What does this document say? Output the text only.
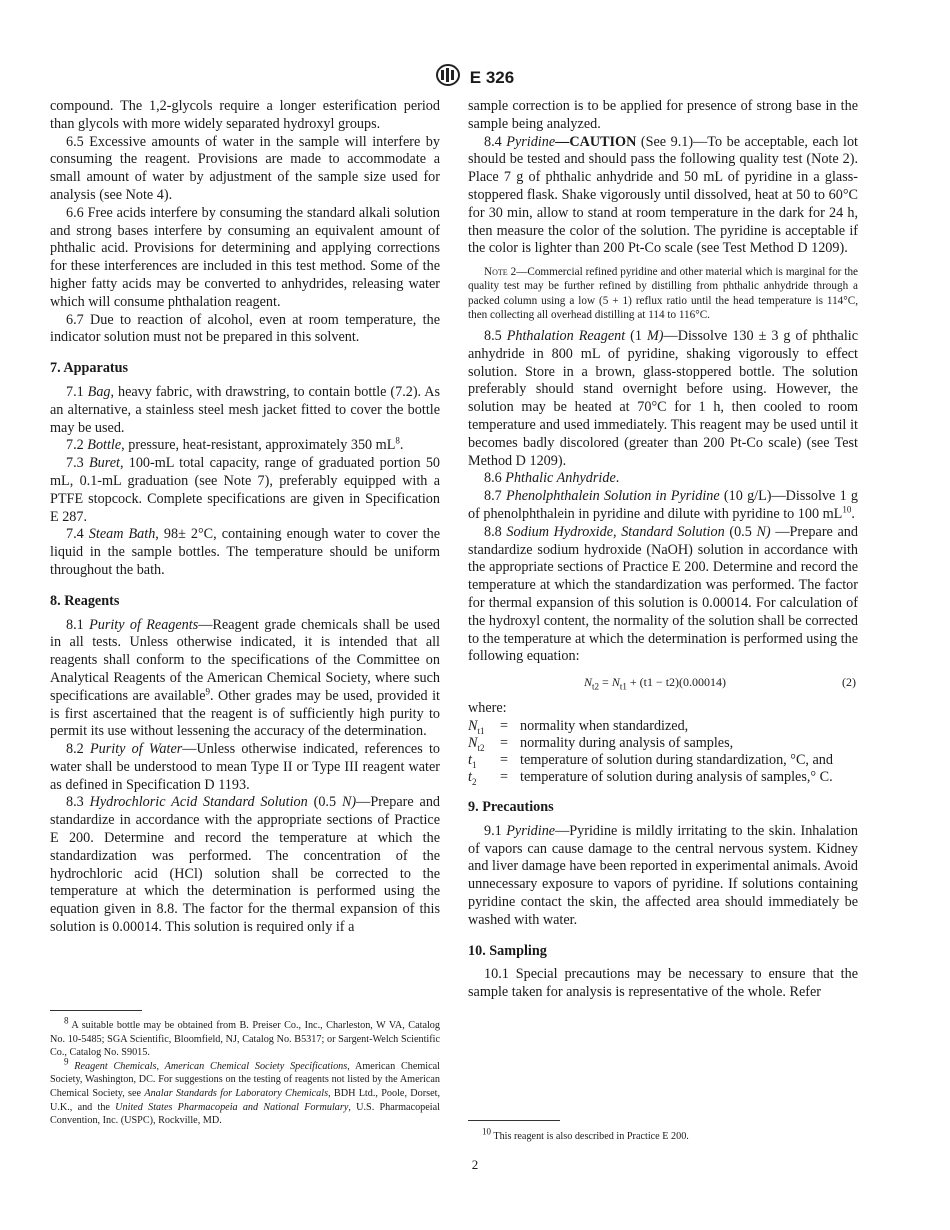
E 326

compound. The 1,2-glycols require a longer esterification period than glycols with more widely separated hydroxyl groups.

6.5 Excessive amounts of water in the sample will interfere by consuming the reagent. Provisions are made to accommodate a small amount of water by adjustment of the sample size used for analysis (see Note 4).

6.6 Free acids interfere by consuming the standard alkali solution and strong bases interfere by consuming an equivalent amount of phthalic acid. Provisions for determining and applying corrections for these interferences are included in this test method. Some of the higher fatty acids may be converted to anhydrides, releasing water which will consume phthalation reagent.

6.7 Due to reaction of alcohol, even at room temperature, the indicator solution must not be prepared in this solvent.

7. Apparatus

7.1 Bag, heavy fabric, with drawstring, to contain bottle (7.2). As an alternative, a stainless steel mesh jacket fitted to cover the bottle may be used.

7.2 Bottle, pressure, heat-resistant, approximately 350 $mL^8$.

7.3 Buret, 100-mL total capacity, range of graduated portion 50 mL, 0.1-mL graduation (see Note 7), preferably equipped with a PTFE stopcock. Complete specifications are given in Specification E 287.

7.4 Steam Bath, 98± 2°C, containing enough water to cover the liquid in the sample bottles. The temperature should be uniform throughout the bath.

8. Reagents

8.1 Purity of Reagents—Reagent grade chemicals shall be used in all tests. Unless otherwise indicated, it is intended that all reagents shall conform to the specifications of the Committee on Analytical Reagents of the American Chemical Society, where such specifications are available$^9$. Other grades may be used, provided it is first ascertained that the reagent is of sufficiently high purity to permit its use without lessening the accuracy of the determination.

8.2 Purity of Water—Unless otherwise indicated, references to water shall be understood to mean Type II or Type III reagent water as defined in Specification D 1193.

8.3 Hydrochloric Acid Standard Solution (0.5 N)—Prepare and standardize in accordance with the appropriate sections of Practice E 200. Determine and record the temperature at which the standardization was performed. The concentration of the hydrochloric acid (HCl) solution shall be corrected to the temperature at which the determination is performed using the equation given in 8.8. The factor for the thermal expansion of this solution is 0.00014. This solution is required only if a

sample correction is to be applied for presence of strong base in the sample being analyzed.

8.4 Pyridine—CAUTION (See 9.1)—To be acceptable, each lot should be tested and should pass the following quality test (Note 2). Place 7 g of phthalic anhydride and 50 mL of pyridine in a glass-stoppered flask. Shake vigorously until dissolved, heat at 50 to 60°C for 30 min, allow to stand at room temperature in the dark for 24 h, then measure the color of the solution. The pyridine is acceptable if the color is lighter than 200 Pt-Co scale (see Test Method D 1209).

Note 2—Commercial refined pyridine and other material which is marginal for the quality test may be further refined by distilling from phthalic anhydride through a packed column using a low (5 + 1) reflux ratio until the head temperature is 114°C, then collecting all overhead distilling at 114 to 116°C.

8.5 Phthalation Reagent (1 M)—Dissolve 130 ± 3 g of phthalic anhydride in 800 mL of pyridine, shaking vigorously to effect solution. Store in a brown, glass-stoppered bottle. The solution preferably should stand overnight before using. However, the solution may be heated at 70°C for 1 h, then cooled to room temperature and used immediately. This reagent may be used until it becomes badly discolored (greater than 200 Pt-Co scale) (see Test Method D 1209).

8.6 Phthalic Anhydride.

8.7 Phenolphthalein Solution in Pyridine (10 g/L)—Dissolve 1 g of phenolphthalein in pyridine and dilute with pyridine to 100 $mL^{10}$.

8.8 Sodium Hydroxide, Standard Solution (0.5 N) —Prepare and standardize sodium hydroxide (NaOH) solution in accordance with the appropriate sections of Practice E 200. Determine and record the temperature at which the standardization was performed. The factor for thermal expansion of this solution is 0.00014. For calculation of the hydroxyl content, the normality of the solution shall be corrected to the temperature at which the determination is performed using the following equation:

$N_{t2} = N_{t1} + (t1 - t2)(0.00014)$	(2)
where:
$N_{t1}$	= normality when standardized,
$N_{t2}$	= normality during analysis of samples,
$t_1$	= temperature of solution during standardization, °C, and
$t_2$	= temperature of solution during analysis of samples,° C.
9. Precautions

9.1 Pyridine—Pyridine is mildly irritating to the skin. Inhalation of vapors can cause damage to the central nervous system. Kidney and liver damage have been reported in experimental animals. Avoid unnecessary exposure to vapors of pyridine. If solutions containing pyridine contact the skin, the affected area should immediately be washed with water.

10. Sampling

10.1 Special precautions may be necessary to ensure that the sample taken for analysis is representative of the whole. Refer

$^8$ A suitable bottle may be obtained from B. Preiser Co., Inc., Charleston, W VA, Catalog No. 10-5485; SGA Scientific, Bloomfield, NJ, Catalog No. B5317; or Sargent-Welch Scientific Co., Catalog No. S9015.

$^9$ Reagent Chemicals, American Chemical Society Specifications, American Chemical Society, Washington, DC. For suggestions on the testing of reagents not listed by the American Chemical Society, see Analar Standards for Laboratory Chemicals, BDH Ltd., Poole, Dorset, U.K., and the United States Pharmacopeia and National Formulary, U.S. Pharmacopeial Convention, Inc. (USPC), Rockville, MD.

$^{10}$ This reagent is also described in Practice E 200.
2
